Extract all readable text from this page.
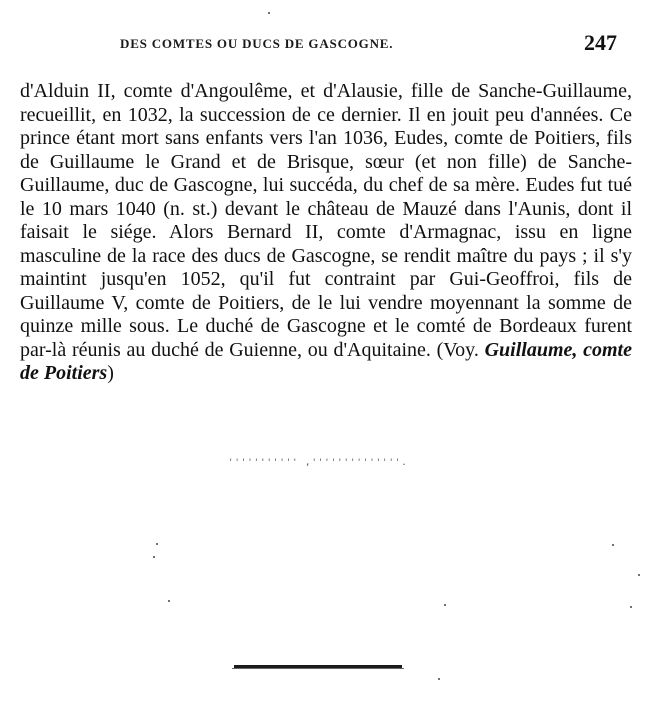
DES COMTES OU DUCS DE GASCOGNE.	247

d'Alduin II, comte d'Angoulême, et d'Alausie, fille de Sanche-Guillaume, recueillit, en 1032, la succession de ce dernier. Il en jouit peu d'années. Ce prince étant mort sans enfants vers l'an 1036, Eudes, comte de Poitiers, fils de Guillaume le Grand et de Brisque, sœur (et non fille) de Sanche-Guillaume, duc de Gascogne, lui succéda, du chef de sa mère. Eudes fut tué le 10 mars 1040 (n. st.) devant le château de Mauzé dans l'Aunis, dont il faisait le siége. Alors Bernard II, comte d'Armagnac, issu en ligne masculine de la race des ducs de Gascogne, se rendit maître du pays ; il s'y maintint jusqu'en 1052, qu'il fut contraint par Gui-Geoffroi, fils de Guillaume V, comte de Poitiers, de le lui vendre moyennant la somme de quinze mille sous. Le duché de Gascogne et le comté de Bordeaux furent par-là réunis au duché de Guienne, ou d'Aquitaine. (Voy. Guillaume, comte de Poitiers)

''''''''''' ,''''''''''''''.
